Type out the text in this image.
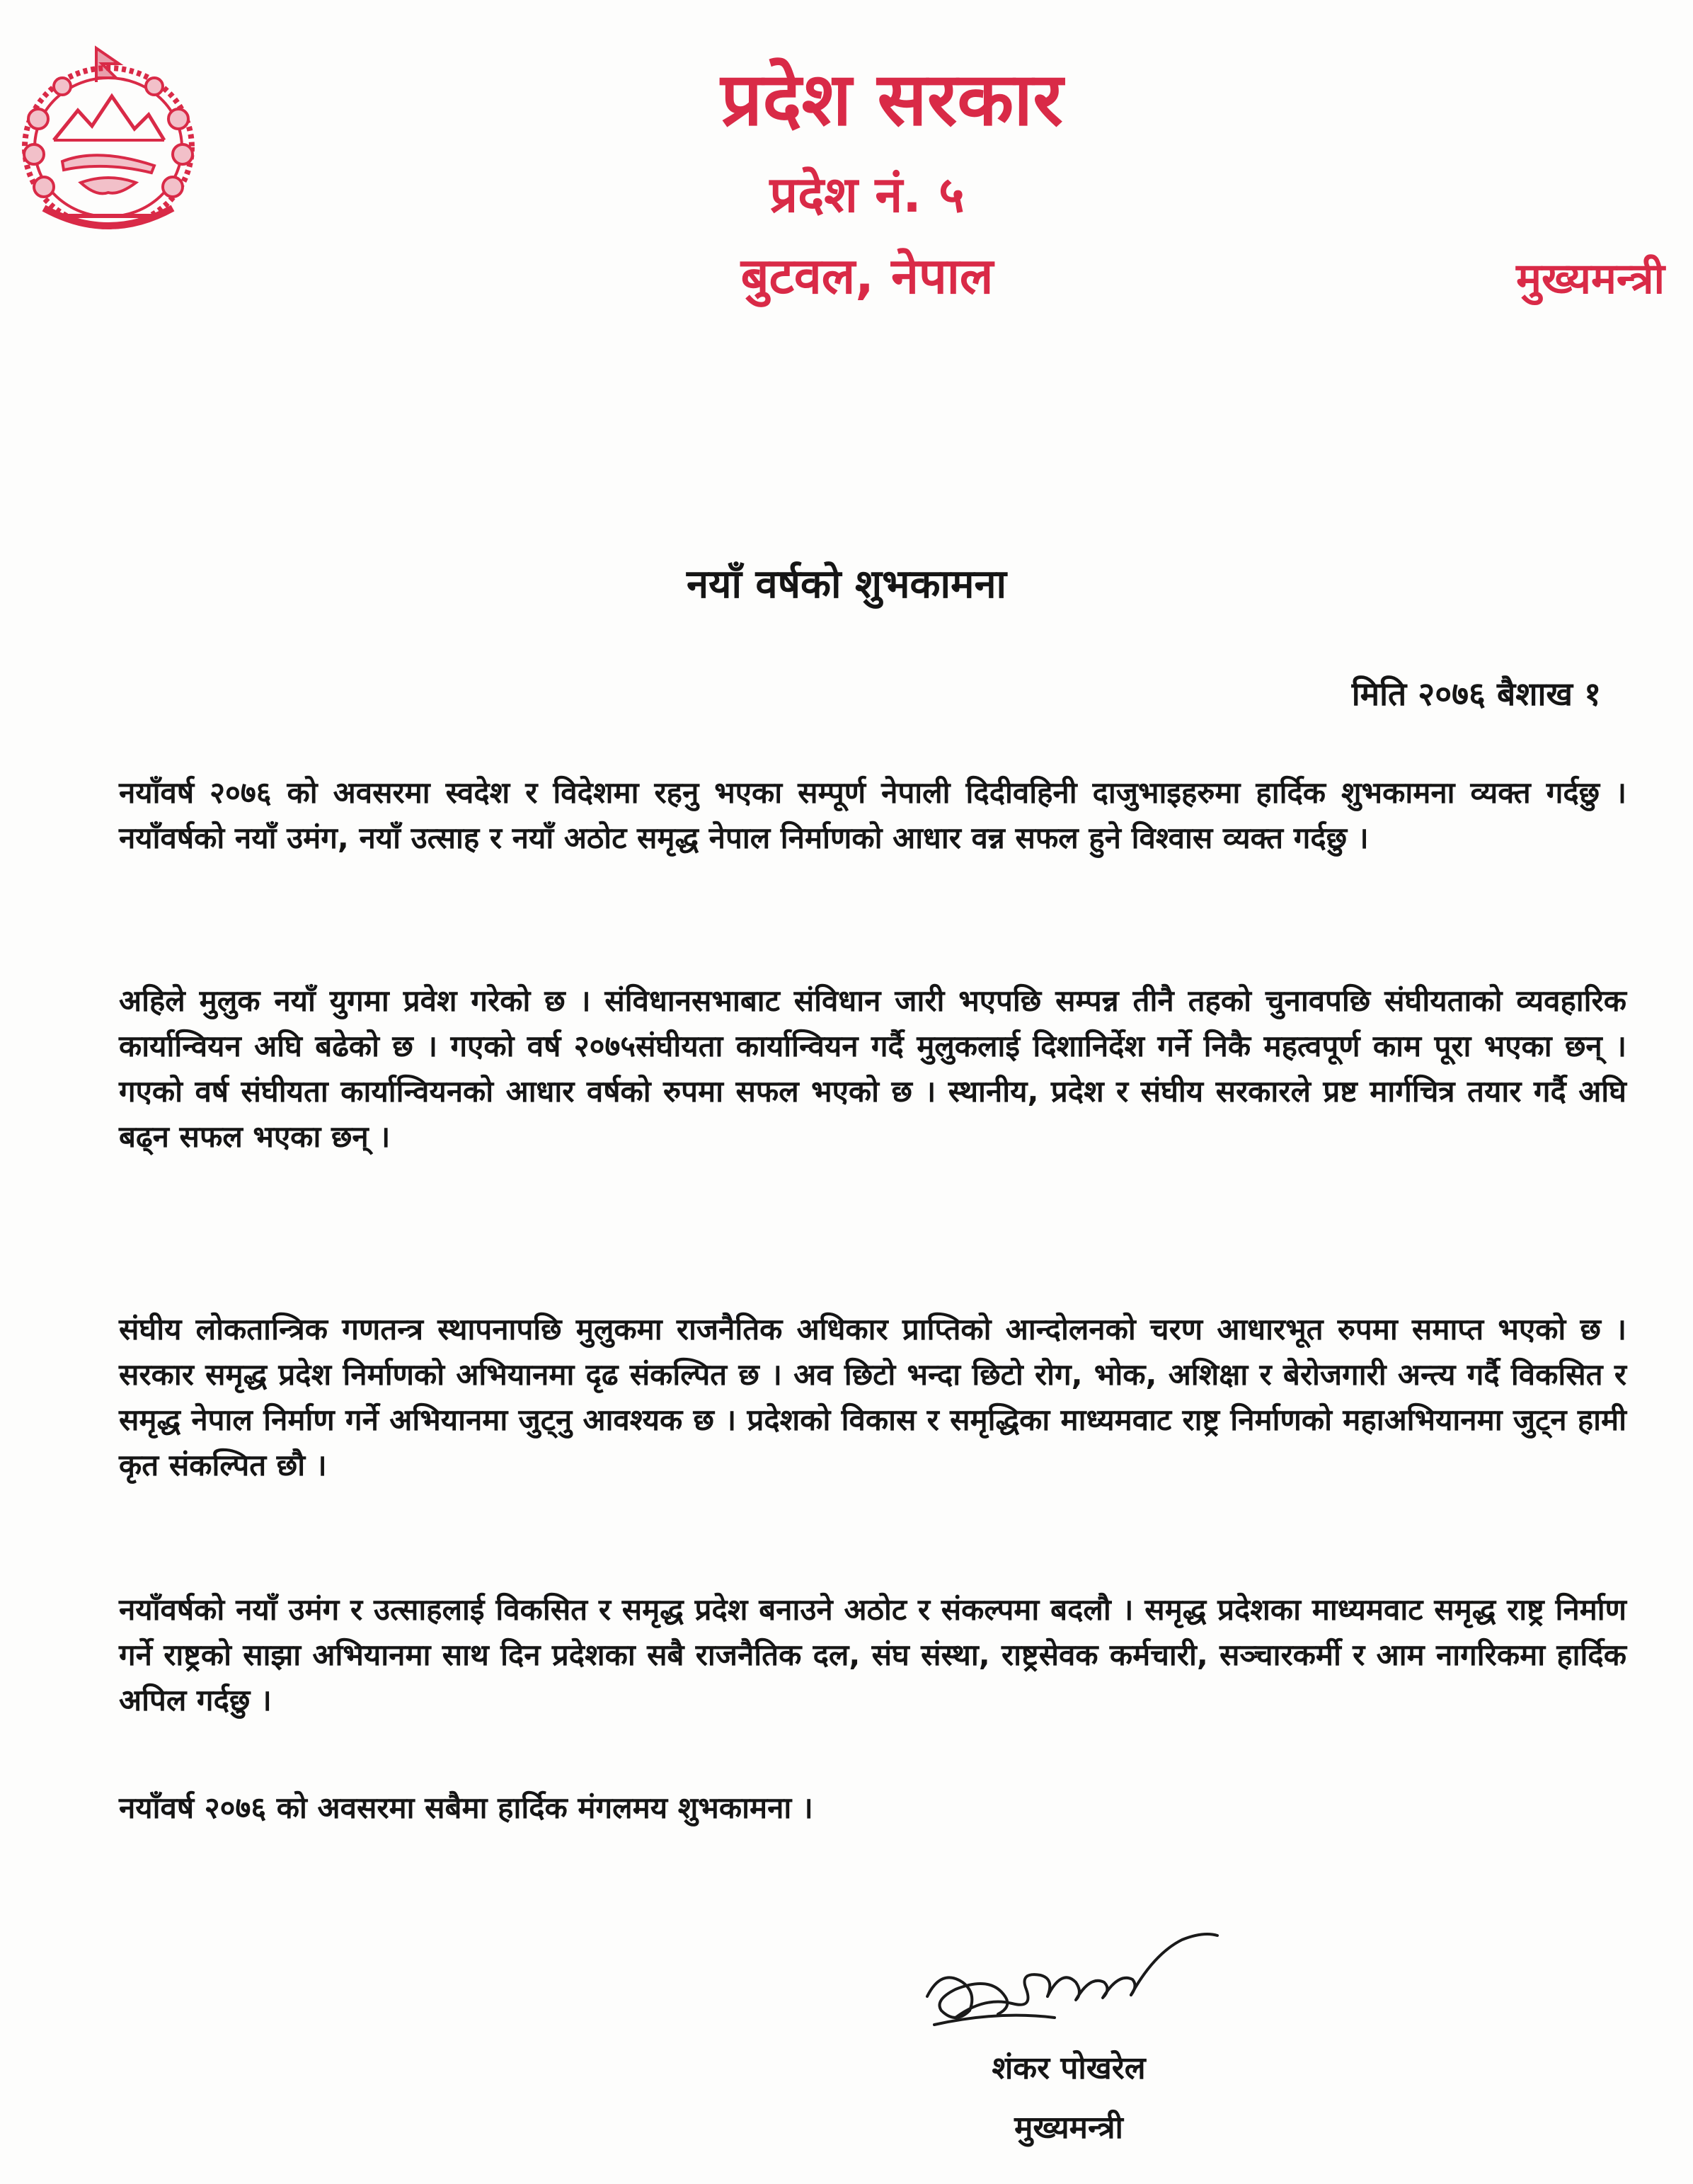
प्रदेश सरकार
प्रदेश नं. ५
बुटवल, नेपाल	मुख्यमन्त्री
नयाँ वर्षको शुभकामना
मिति २०७६ बैशाख १
नयाँवर्ष २०७६ को अवसरमा स्वदेश र विदेशमा रहनु भएका सम्पूर्ण नेपाली दिदीवहिनी दाजुभाइहरुमा हार्दिक शुभकामना व्यक्त गर्दछु । नयाँवर्षको नयाँ उमंग, नयाँ उत्साह र नयाँ अठोट समृद्ध नेपाल निर्माणको आधार वन्न सफल हुने विश्वास व्यक्त गर्दछु ।
अहिले मुलुक नयाँ युगमा प्रवेश गरेको छ । संविधानसभाबाट संविधान जारी भएपछि सम्पन्न तीनै तहको चुनावपछि संघीयताको व्यवहारिक कार्यान्वियन अघि बढेको छ । गएको वर्ष २०७५संघीयता कार्यान्वियन गर्दै मुलुकलाई दिशानिर्देश गर्ने निकै महत्वपूर्ण काम पूरा भएका छन् । गएको वर्ष संघीयता कार्यान्वियनको आधार वर्षको रुपमा सफल भएको छ । स्थानीय, प्रदेश र संघीय सरकारले प्रष्ट मार्गचित्र तयार गर्दै अघि बढ्न सफल भएका छन् ।
संघीय लोकतान्त्रिक गणतन्त्र स्थापनापछि मुलुकमा राजनैतिक अधिकार प्राप्तिको आन्दोलनको चरण आधारभूत रुपमा समाप्त भएको छ । सरकार समृद्ध प्रदेश निर्माणको अभियानमा दृढ संकल्पित छ । अव छिटो भन्दा छिटो रोग, भोक, अशिक्षा र बेरोजगारी अन्त्य गर्दै विकसित र समृद्ध नेपाल निर्माण गर्ने अभियानमा जुट्नु आवश्यक छ । प्रदेशको विकास र समृद्धिका माध्यमवाट राष्ट्र निर्माणको महाअभियानमा जुट्न हामी कृत संकल्पित छौ ।
नयाँवर्षको नयाँ उमंग र उत्साहलाई विकसित र समृद्ध प्रदेश बनाउने अठोट र संकल्पमा बदलौ । समृद्ध प्रदेशका माध्यमवाट समृद्ध राष्ट्र निर्माण गर्ने राष्ट्रको साझा अभियानमा साथ दिन प्रदेशका सबै राजनैतिक दल, संघ संस्था, राष्ट्रसेवक कर्मचारी, सञ्चारकर्मी र आम नागरिकमा हार्दिक अपिल गर्दछु ।
नयाँवर्ष २०७६ को अवसरमा सबैमा हार्दिक मंगलमय शुभकामना ।
शंकर पोखरेल
मुख्यमन्त्री
